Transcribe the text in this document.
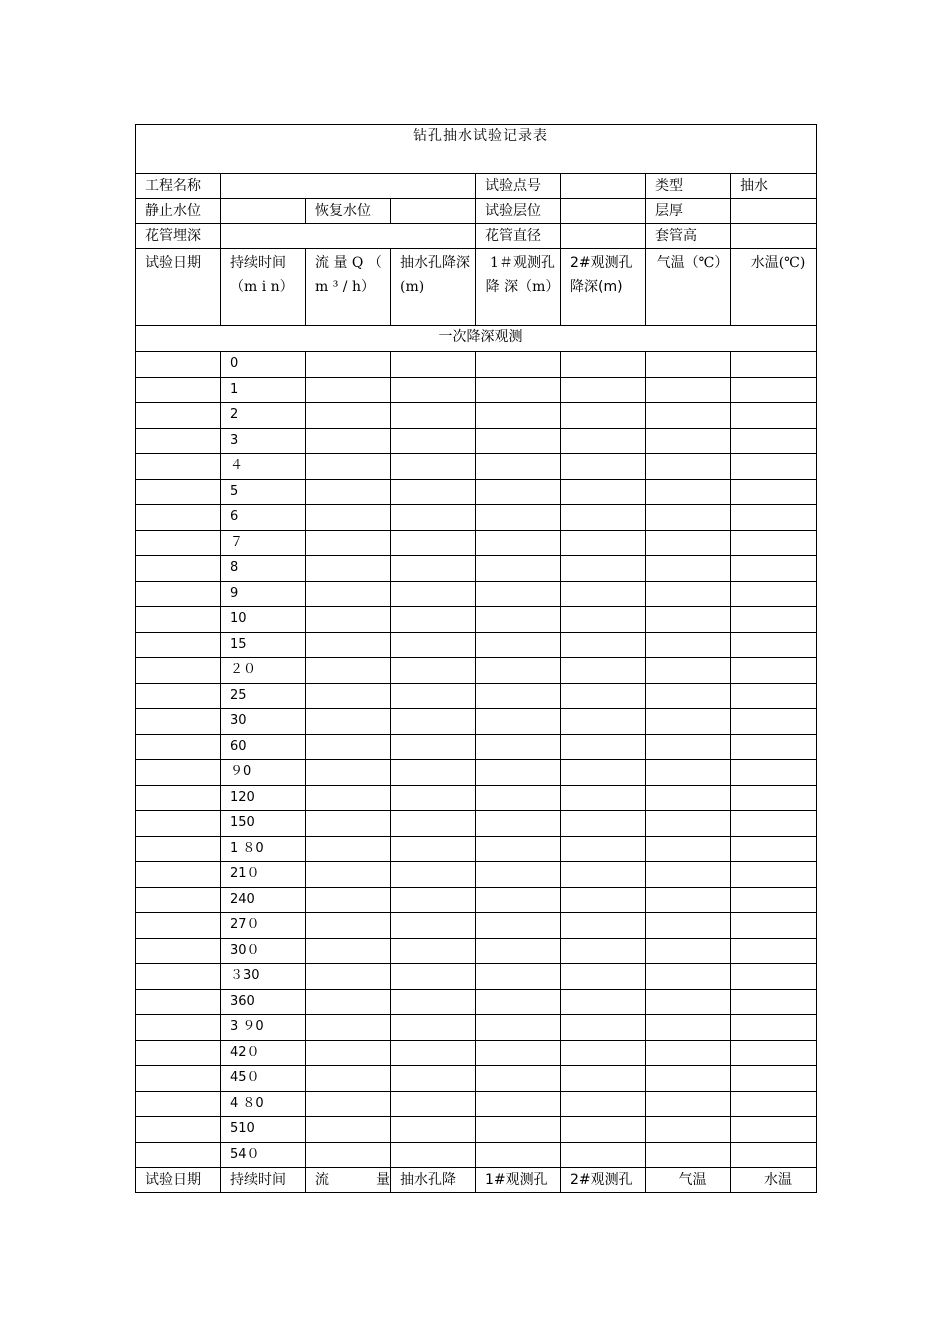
钻孔抽水试验记录表							
工程名称				试验点号		类型	抽水
静止水位		恢复水位		试验层位		层厚	
花管埋深				花管直径		套管高	
试验日期	持续时间（m i n）	流 量 Q （ m ³ / h）	抽水孔降深(m)	1＃观测孔 降 深（m）	2#观测孔降深(m)	气温（℃）	水温(℃)
一次降深观测							
	0						
	1						
	2						
	3						
	４						
	5						
	6						
	７						
	8						
	9						
	10						
	15						
	２０						
	25						
	30						
	60						
	９0						
	120						
	150						
	1 ８0						
	21０						
	240						
	27０						
	30０						
	３30						
	360						
	3 ９0						
	42０						
	45０						
	4 ８0						
	510						
	54０						
试验日期	持续时间	流 量	抽水孔降	1#观测孔	2#观测孔	气温	水温
